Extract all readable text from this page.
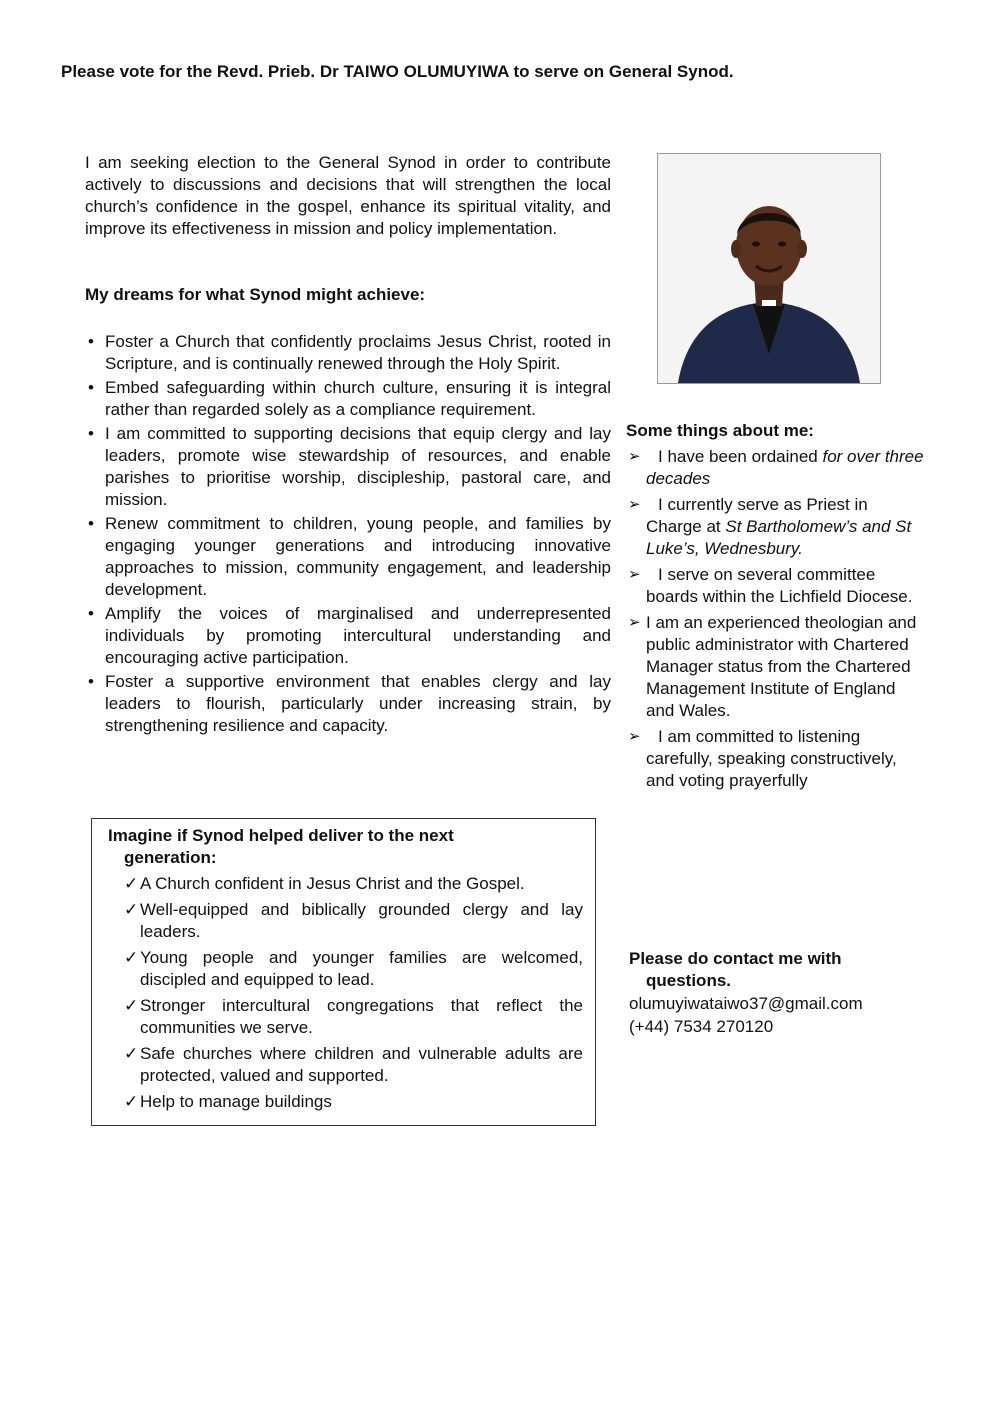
Please vote for the Revd. Prieb. Dr TAIWO OLUMUYIWA to serve on General Synod.
I am seeking election to the General Synod in order to contribute actively to discussions and decisions that will strengthen the local church’s confidence in the gospel, enhance its spiritual vitality, and improve its effectiveness in mission and policy implementation.
My dreams for what Synod might achieve:
• Foster a Church that confidently proclaims Jesus Christ, rooted in Scripture, and is continually renewed through the Holy Spirit.
• Embed safeguarding within church culture, ensuring it is integral rather than regarded solely as a compliance requirement.
• I am committed to supporting decisions that equip clergy and lay leaders, promote wise stewardship of resources, and enable parishes to prioritise worship, discipleship, pastoral care, and mission.
• Renew commitment to children, young people, and families by engaging younger generations and introducing innovative approaches to mission, community engagement, and leadership development.
• Amplify the voices of marginalised and underrepresented individuals by promoting intercultural understanding and encouraging active participation.
• Foster a supportive environment that enables clergy and lay leaders to flourish, particularly under increasing strain, by strengthening resilience and capacity.
Imagine if Synod helped deliver to the next
generation:
✓ A Church confident in Jesus Christ and the Gospel.
✓ Well-equipped and biblically grounded clergy and lay leaders.
✓ Young people and younger families are welcomed, discipled and equipped to lead.
✓ Stronger intercultural congregations that reflect the communities we serve.
✓ Safe churches where children and vulnerable adults are protected, valued and supported.
✓ Help to manage buildings
Some things about me:
➢ I have been ordained for over three decades
➢ I currently serve as Priest in Charge at St Bartholomew’s and St Luke’s, Wednesbury.
➢ I serve on several committee boards within the Lichfield Diocese.
➢ I am an experienced theologian and public administrator with Chartered Manager status from the Chartered Management Institute of England and Wales.
➢ I am committed to listening carefully, speaking constructively, and voting prayerfully
Please do contact me with
questions.
olumuyiwataiwo37@gmail.com
(+44) 7534 270120
